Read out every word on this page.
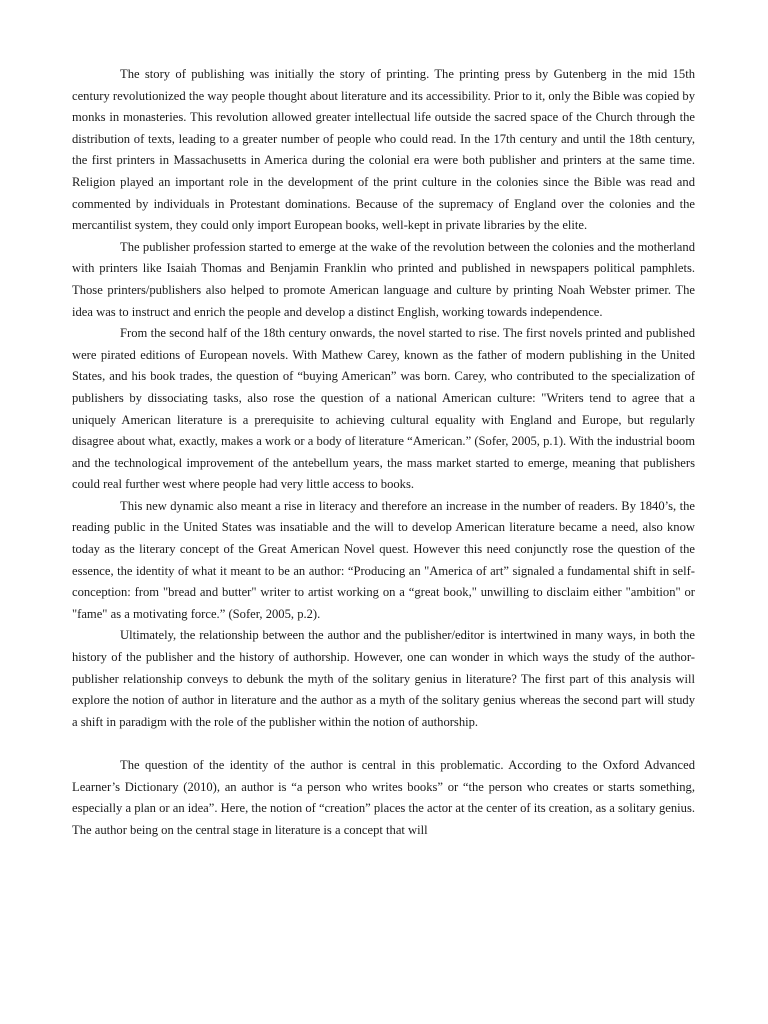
The story of publishing was initially the story of printing. The printing press by Gutenberg in the mid 15th century revolutionized the way people thought about literature and its accessibility. Prior to it, only the Bible was copied by monks in monasteries. This revolution allowed greater intellectual life outside the sacred space of the Church through the distribution of texts, leading to a greater number of people who could read. In the 17th century and until the 18th century, the first printers in Massachusetts in America during the colonial era were both publisher and printers at the same time. Religion played an important role in the development of the print culture in the colonies since the Bible was read and commented by individuals in Protestant dominations. Because of the supremacy of England over the colonies and the mercantilist system, they could only import European books, well-kept in private libraries by the elite.

The publisher profession started to emerge at the wake of the revolution between the colonies and the motherland with printers like Isaiah Thomas and Benjamin Franklin who printed and published in newspapers political pamphlets. Those printers/publishers also helped to promote American language and culture by printing Noah Webster primer. The idea was to instruct and enrich the people and develop a distinct English, working towards independence.

From the second half of the 18th century onwards, the novel started to rise. The first novels printed and published were pirated editions of European novels. With Mathew Carey, known as the father of modern publishing in the United States, and his book trades, the question of “buying American” was born. Carey, who contributed to the specialization of publishers by dissociating tasks, also rose the question of a national American culture: "Writers tend to agree that a uniquely American literature is a prerequisite to achieving cultural equality with England and Europe, but regularly disagree about what, exactly, makes a work or a body of literature “American.” (Sofer, 2005, p.1). With the industrial boom and the technological improvement of the antebellum years, the mass market started to emerge, meaning that publishers could real further west where people had very little access to books.

This new dynamic also meant a rise in literacy and therefore an increase in the number of readers. By 1840’s, the reading public in the United States was insatiable and the will to develop American literature became a need, also know today as the literary concept of the Great American Novel quest. However this need conjunctly rose the question of the essence, the identity of what it meant to be an author: “Producing an "America of art” signaled a fundamental shift in self-conception: from "bread and butter" writer to artist working on a “great book," unwilling to disclaim either "ambition" or "fame" as a motivating force.” (Sofer, 2005, p.2).

Ultimately, the relationship between the author and the publisher/editor is intertwined in many ways, in both the history of the publisher and the history of authorship. However, one can wonder in which ways the study of the author-publisher relationship conveys to debunk the myth of the solitary genius in literature? The first part of this analysis will explore the notion of author in literature and the author as a myth of the solitary genius whereas the second part will study a shift in paradigm with the role of the publisher within the notion of authorship.

The question of the identity of the author is central in this problematic. According to the Oxford Advanced Learner’s Dictionary (2010), an author is “a person who writes books” or “the person who creates or starts something, especially a plan or an idea”. Here, the notion of “creation” places the actor at the center of its creation, as a solitary genius. The author being on the central stage in literature is a concept that will
